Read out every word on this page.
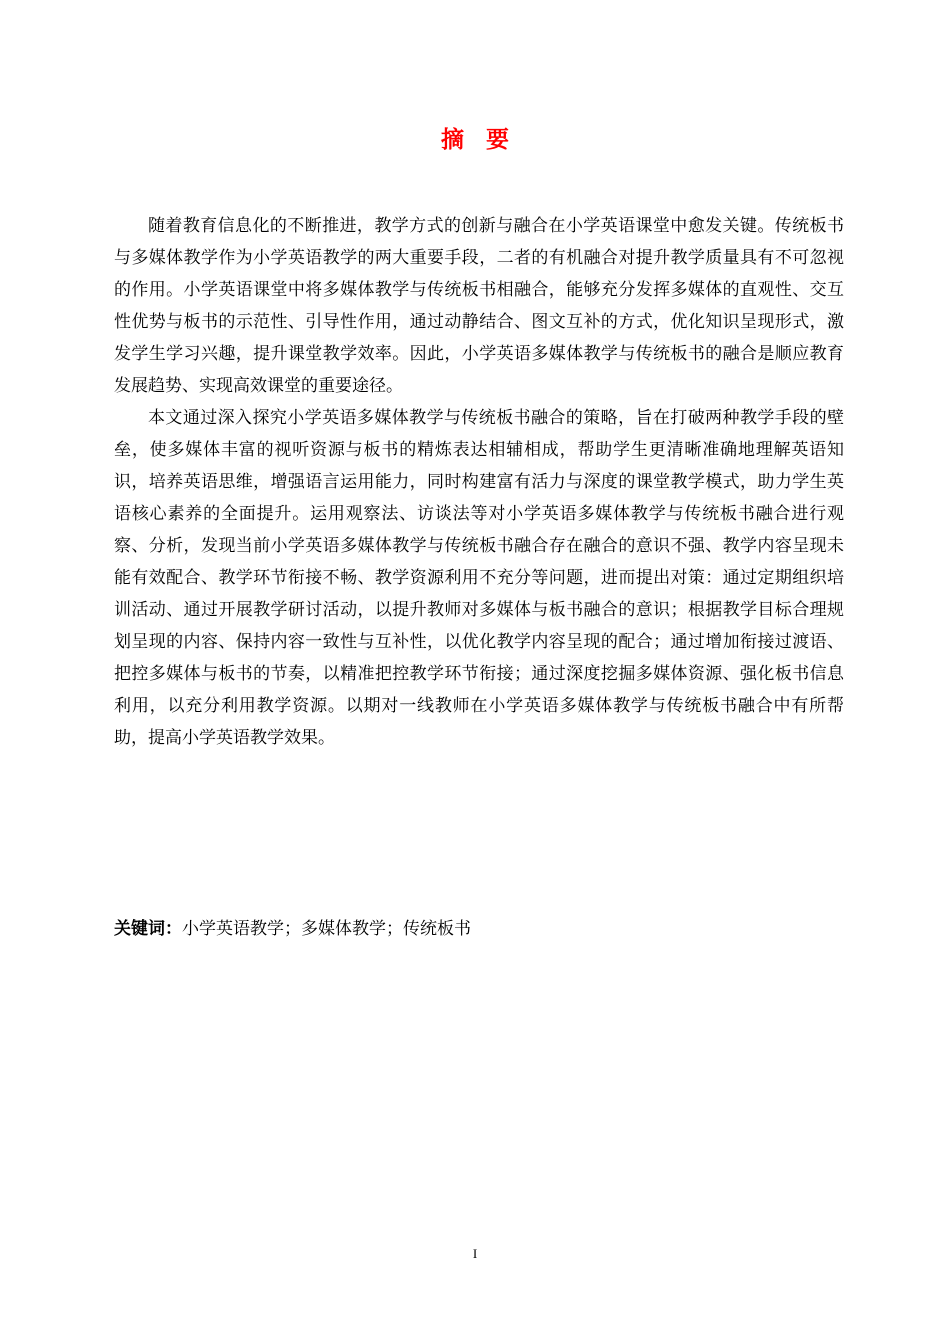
摘要

随着教育信息化的不断推进，教学方式的创新与融合在小学英语课堂中愈发关键。传统板书与多媒体教学作为小学英语教学的两大重要手段，二者的有机融合对提升教学质量具有不可忽视的作用。小学英语课堂中将多媒体教学与传统板书相融合，能够充分发挥多媒体的直观性、交互性优势与板书的示范性、引导性作用，通过动静结合、图文互补的方式，优化知识呈现形式，激发学生学习兴趣，提升课堂教学效率。因此，小学英语多媒体教学与传统板书的融合是顺应教育发展趋势、实现高效课堂的重要途径。

本文通过深入探究小学英语多媒体教学与传统板书融合的策略，旨在打破两种教学手段的壁垒，使多媒体丰富的视听资源与板书的精炼表达相辅相成，帮助学生更清晰准确地理解英语知识，培养英语思维，增强语言运用能力，同时构建富有活力与深度的课堂教学模式，助力学生英语核心素养的全面提升。运用观察法、访谈法等对小学英语多媒体教学与传统板书融合进行观察、分析，发现当前小学英语多媒体教学与传统板书融合存在融合的意识不强、教学内容呈现未能有效配合、教学环节衔接不畅、教学资源利用不充分等问题，进而提出对策：通过定期组织培训活动、通过开展教学研讨活动，以提升教师对多媒体与板书融合的意识；根据教学目标合理规划呈现的内容、保持内容一致性与互补性，以优化教学内容呈现的配合；通过增加衔接过渡语、把控多媒体与板书的节奏，以精准把控教学环节衔接；通过深度挖掘多媒体资源、强化板书信息利用，以充分利用教学资源。以期对一线教师在小学英语多媒体教学与传统板书融合中有所帮助，提高小学英语教学效果。

关键词：小学英语教学；多媒体教学；传统板书
I
